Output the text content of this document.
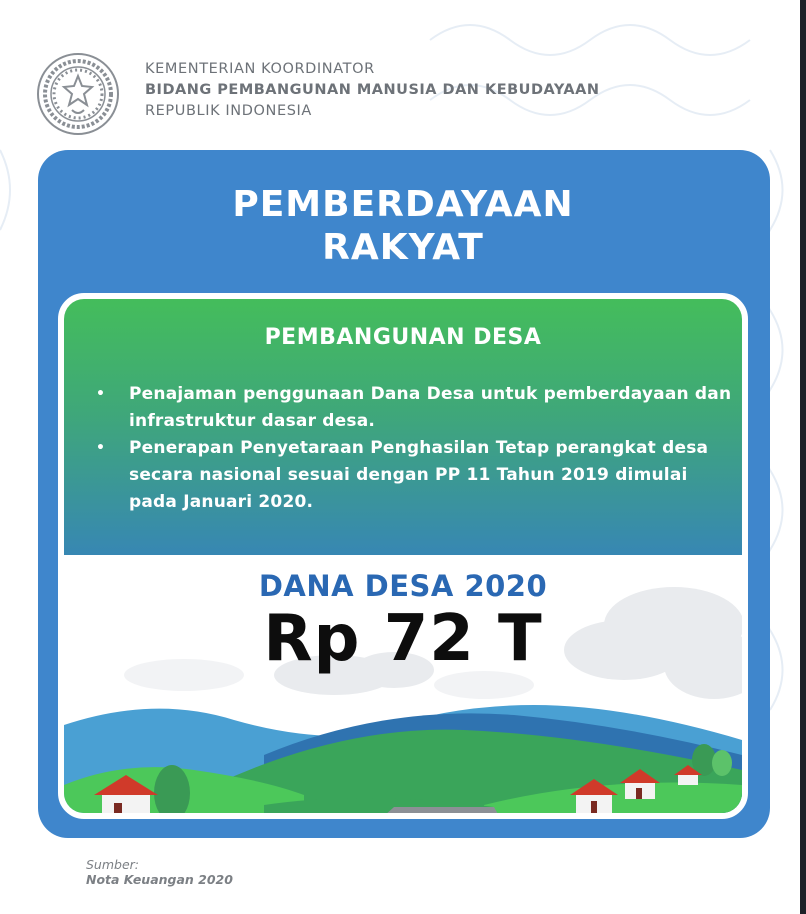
KEMENTERIAN KOORDINATOR
BIDANG PEMBANGUNAN MANUSIA DAN KEBUDAYAAN
REPUBLIK INDONESIA
PEMBERDAYAAN
RAKYAT
PEMBANGUNAN DESA
• Penajaman penggunaan Dana Desa untuk pemberdayaan dan infrastruktur dasar desa.
• Penerapan Penyetaraan Penghasilan Tetap perangkat desa secara nasional sesuai dengan PP 11 Tahun 2019 dimulai pada Januari 2020.
DANA DESA 2020
Rp 72 T
Sumber:
Nota Keuangan 2020
